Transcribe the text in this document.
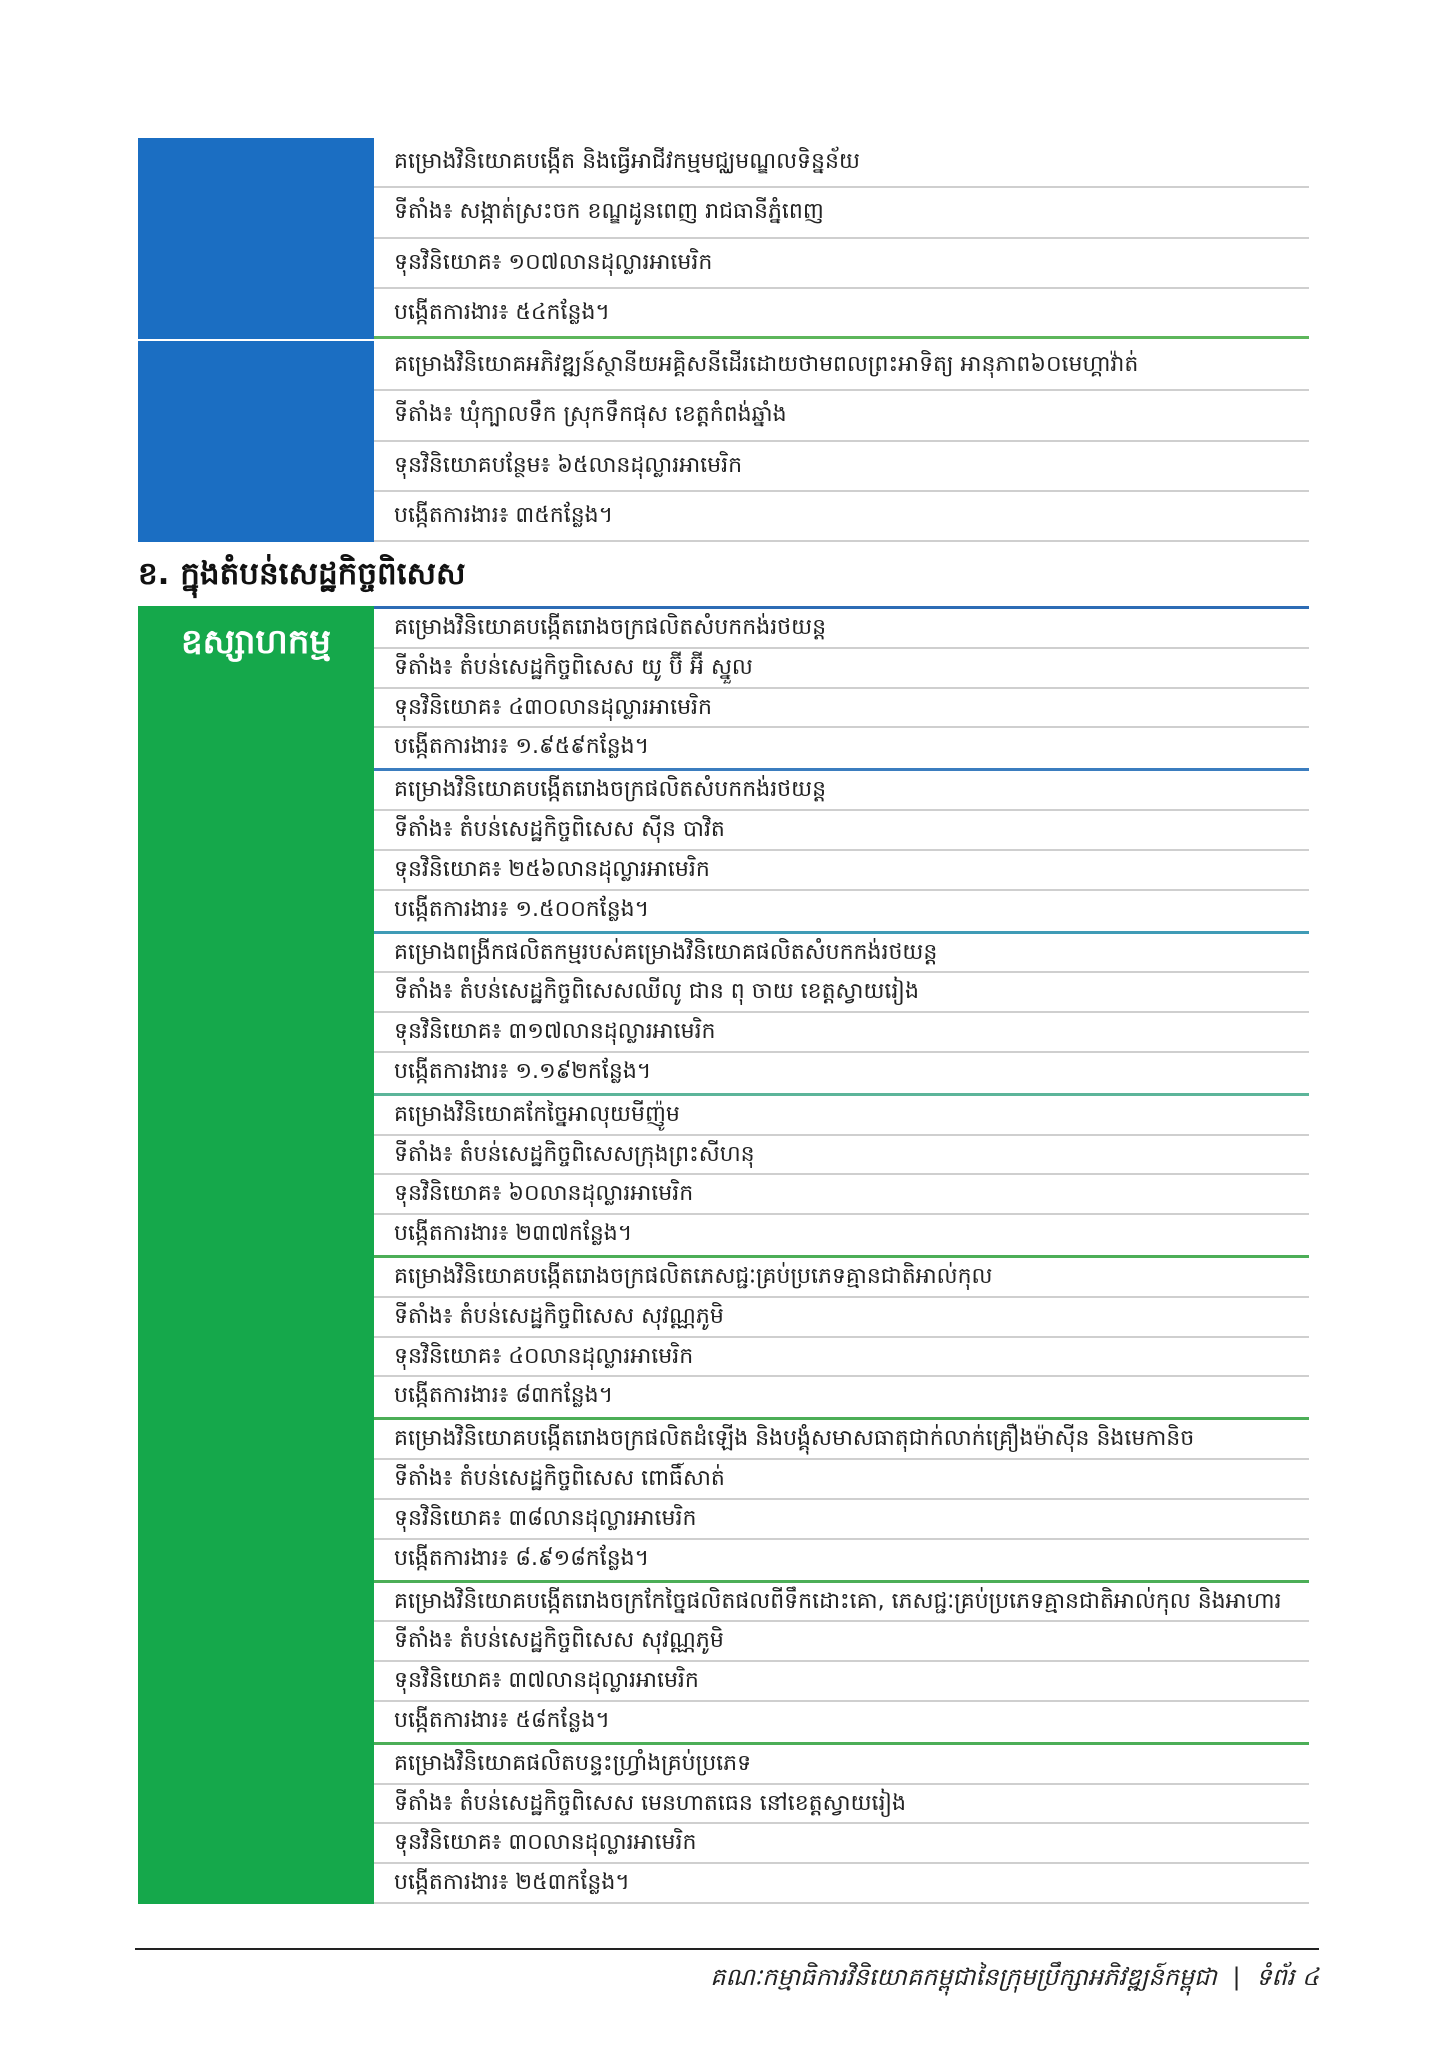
គម្រោងវិនិយោគបង្កើត និងធ្វើអាជីវកម្មមជ្ឈមណ្ឌលទិន្នន័យ
ទីតាំង៖ សង្កាត់ស្រះចក ខណ្ឌដូនពេញ រាជធានីភ្នំពេញ
ទុនវិនិយោគ៖ ១០៧លានដុល្លារអាមេរិក
បង្កើតការងារ៖ ៥៤កន្លែង។
គម្រោងវិនិយោគអភិវឌ្ឍន៍ស្ថានីយអគ្គិសនីដើរដោយថាមពលព្រះអាទិត្យ អានុភាព៦០មេហ្គាវ៉ាត់
ទីតាំង៖ ឃុំក្បាលទឹក ស្រុកទឹកផុស ខេត្តកំពង់ឆ្នាំង
ទុនវិនិយោគបន្ថែម៖ ៦៥លានដុល្លារអាមេរិក
បង្កើតការងារ៖ ៣៥កន្លែង។
ខ. ក្នុងតំបន់សេដ្ឋកិច្ចពិសេស
ឧស្សាហកម្ម	គម្រោងវិនិយោគបង្កើតរោងចក្រផលិតសំបកកង់រថយន្ត
ទីតាំង៖ តំបន់សេដ្ឋកិច្ចពិសេស យូ ប៊ី អ៊ី ស្នួល
ទុនវិនិយោគ៖ ៤៣០លានដុល្លារអាមេរិក
បង្កើតការងារ៖ ១.៩៥៩កន្លែង។
គម្រោងវិនិយោគបង្កើតរោងចក្រផលិតសំបកកង់រថយន្ត
ទីតាំង៖ តំបន់សេដ្ឋកិច្ចពិសេស ស៊ីន បាវិត
ទុនវិនិយោគ៖ ២៥៦លានដុល្លារអាមេរិក
បង្កើតការងារ៖ ១.៥០០កន្លែង។
គម្រោងពង្រីកផលិតកម្មរបស់គម្រោងវិនិយោគផលិតសំបកកង់រថយន្ត
ទីតាំង៖ តំបន់សេដ្ឋកិច្ចពិសេសឈីលូ ជាន ពុ ចាយ ខេត្តស្វាយរៀង
ទុនវិនិយោគ៖ ៣១៧លានដុល្លារអាមេរិក
បង្កើតការងារ៖ ១.១៩២កន្លែង។
គម្រោងវិនិយោគកែច្នៃអាលុយមីញ៉ូម
ទីតាំង៖ តំបន់សេដ្ឋកិច្ចពិសេសក្រុងព្រះសីហនុ
ទុនវិនិយោគ៖ ៦០លានដុល្លារអាមេរិក
បង្កើតការងារ៖ ២៣៧កន្លែង។
គម្រោងវិនិយោគបង្កើតរោងចក្រផលិតភេសជ្ជៈគ្រប់ប្រភេទគ្មានជាតិអាល់កុល
ទីតាំង៖ តំបន់សេដ្ឋកិច្ចពិសេស សុវណ្ណភូមិ
ទុនវិនិយោគ៖ ៤០លានដុល្លារអាមេរិក
បង្កើតការងារ៖ ៨៣កន្លែង។
គម្រោងវិនិយោគបង្កើតរោងចក្រផលិតដំឡើង និងបង្គុំសមាសធាតុជាក់លាក់គ្រឿងម៉ាស៊ីន និងមេកានិច
ទីតាំង៖ តំបន់សេដ្ឋកិច្ចពិសេស ពោធិ៍សាត់
ទុនវិនិយោគ៖ ៣៨លានដុល្លារអាមេរិក
បង្កើតការងារ៖ ៨.៩១៨កន្លែង។
គម្រោងវិនិយោគបង្កើតរោងចក្រកែច្នៃផលិតផលពីទឹកដោះគោ, ភេសជ្ជៈគ្រប់ប្រភេទគ្មានជាតិអាល់កុល និងអាហារ
ទីតាំង៖ តំបន់សេដ្ឋកិច្ចពិសេស សុវណ្ណភូមិ
ទុនវិនិយោគ៖ ៣៧លានដុល្លារអាមេរិក
បង្កើតការងារ៖ ៥៨កន្លែង។
គម្រោងវិនិយោគផលិតបន្ទះហ្វ្រាំងគ្រប់ប្រភេទ
ទីតាំង៖ តំបន់សេដ្ឋកិច្ចពិសេស មេនហាតធេន នៅខេត្តស្វាយរៀង
ទុនវិនិយោគ៖ ៣០លានដុល្លារអាមេរិក
បង្កើតការងារ៖ ២៥៣កន្លែង។
គណៈកម្មាធិការវិនិយោគកម្ពុជានៃក្រុមប្រឹក្សាអភិវឌ្ឍន៍កម្ពុជា | ទំព័រ ៤
